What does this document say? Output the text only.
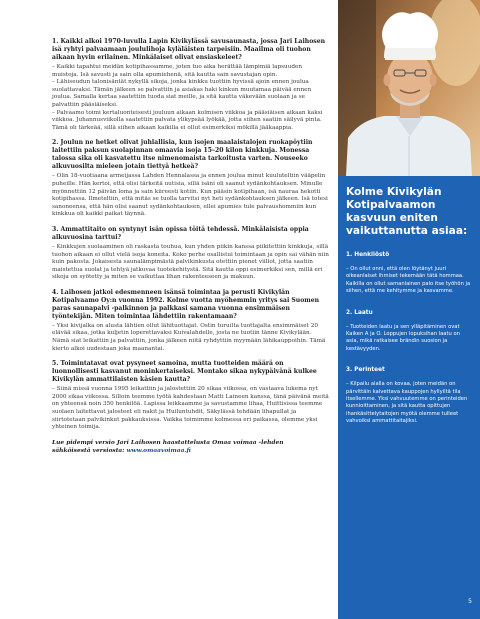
1. Kaikki alkoi 1970-luvulla Lapin Kivikylässä savusaunasta, jossa Jari Laihosen isä ryhtyi palvaamaan joululihoja kyläläisten tarpeisiin. Maailma oli tuohon aikaan hyvin erilainen. Minkälaiset olivat ensiaskeleet?

– Kaikki tapahtui meidän kotipihassamme, joten tuo aika herättää lämpimiä lapsuuden muistoja. Isä savusti ja sain olla apumiehenä, sitä kautta sain savustajan opin.
– Lähiseudun talonisäntät nykyllä sikoja, jonka kinkku tuottiin hyvissä ajoin ennen joulua suolattavaksi. Tämän jälkeen se palvattiin ja asiakas haki kinkun muutamaa päivää ennen joulua. Samalla kertaa saatettiin tuoda siat meille, ja sitä kautta väkevään suolaan ja se palvattiin pääsiäiseksi.
– Palvaamo toimi kertaluonteisesti jouluun aikaan kolmisen viikkoa ja pääsiäisen aikaan kaksi viikkoa. Juhannusviikolla saatettiin palvata ylikypsää lyökää, jotta siihen saatiin säilyvä pinta. Tämä oli tärkeää, sillä siihen aikaan kaikilla ei ollut esimerkiksi mökillä jääkaappia.

2. Joulun ne hetket olivat juhlallisia, kun isojen maalaistalojen ruokapöytiin laitettiin paksun suolapinnan omaavia isoja 15–20 kilon kinkkuja. Monessa talossa sika oli kasvatettu itse nimenomaista tarkoitusta varten. Nouseeko alkuvuosilta mieleen jotain tiettyä hetkeä?

– Olin 18-vuotiaana armeijassa Lahden Hennalassa ja ennen joulua minut kuuluteltiin vääpelin puheille. Hän kertoi, että olisi tärkeitä uutisia, sillä isäni oli saanut sydänkohtauksen. Minulle myönnettiin 12 päivän loma ja sain kiireesti kotiin. Kun pääsin kotipihaan, isä nauraa hekotti kotipihassa. Ilmeteltiin, että mitäs se tuolla tarvitsi nyt heti sydänkohtauksen jälkeen. Isä totesi sanoneensa, että hän olisi saanut sydänkohtauksen, ellei apumies tule palvaushommiin kun kinkkua oli kaikki paikat täynnä.

3. Ammattitaito on syntynyt isän opissa töitä tehdessä. Minkälaisista oppia alkuvuosina tarttui?

– Kinkkujen suolaaminen oli raskasta touhua, kun yhden piikin kanssa piikitettiin kinkkuja, sillä tuohon aikaan ei ollut vielä isoja koneita. Koko perhe osallistui toimintaan ja opin sai vähän niin kuin pakosta. Jokaisesta saunalämpimästä palvikinkusta otettiin pienet viillot, jotta saatiin maistettua suolat ja tehtyä jatkuvaa tuotekehitystä. Sitä kautta oppi esimerkiksi sen, millä eri sikoja on syötetty ja miten se vaikuttaa lihan rakenteeseen ja makuun.

4. Laihosen jatkoi edesmenneen isänsä toimintaa ja perusti Kivikylän Kotipalvaamo Oy:n vuonna 1992. Kolme vuotta myöhemmin yritys sai Suomen paras saunapalvi -palkinnon ja palkkasi samana vuonna ensimmäisen työntekijän. Miten toimintaa lähdettiin rakentamaan?

– Yksi kivijalka on alusta lähtien ollut lähituottajat. Ostin turuilta tuottajalta ensimmäiset 20 elävää sikaa, jotka kuljetin loperettavaksi Kuivalahdelle, josta ne tuotiin tänne Kivikylään. Nämä siat leikattiin ja palvattiin, jonka jälkeen niitä ryhdyttiin myymään lähikauppoihin. Tämä kierto alkoi uudestaan joka maanantai.

5. Toimintatavat ovat pysyneet samoina, mutta tuotteiden määrä on luonnollisesti kasvanut moninkertaiseksi. Montako sikaa nykypäivänä kulkee Kivikylän ammattilaisten käsien kautta?

– Siinä missä vuonna 1995 leikattiin ja jalostettiin 20 sikaa viikossa, on vastaava lukema nyt 2000 sikaa viikossa. Silloin teemme työtä kahdestaan Matti Laineen kanssa, tänä päivänä meitä on yhteensä noin 350 henkilöä. Lapissa leikkaamme ja savustamme lihaa, Huittisissa teemme suolaen laitettavat jalosteet eli nakit ja Huiluntuhdit, Säkylässä tehdään lihapullat ja siirtotetaan palvikinkut pakkauksissa. Vaikka toimimme kolmessa eri paikassa, olemme yksi yhteinen toimija.

Lue pidempi versio Jari Laihosen haastattelusta Omaa voimaa -lehden
sähköisestä versiosta: www.omaavoimaa.fi
Kolme Kivikylän Kotipalvaamon kasvuun eniten vaikuttanutta asiaa:
1. Henkilöstö

– On ollut onni, että olen löytänyt juuri oikeanlaiset ihmiset tekemään tätä hommaa. Kaikilla on ollut samanlainen palo itse työhön ja siihen, että me kehitymme ja kasvamme.

2. Laatu

– Tuotteiden laatu ja sen ylläpitäminen ovat Kaiken A ja O. Loppujen lopuksihan laatu on asia, mikä ratkaisee brändin suosion ja kestävyyden.

3. Perinteet

– Kilpailu alalla on kovaa, joten meidän on pärvittäin kalvettava kauppojen hyllyiltä tila itsellemme. Yksi vahvuutemme on perinteiden kunnioittaminen, ja sitä kautta opittujen ihankäsittelytaitojen myötä olemme tulleet vahvoiksi ammattitaitajiksi.

5
